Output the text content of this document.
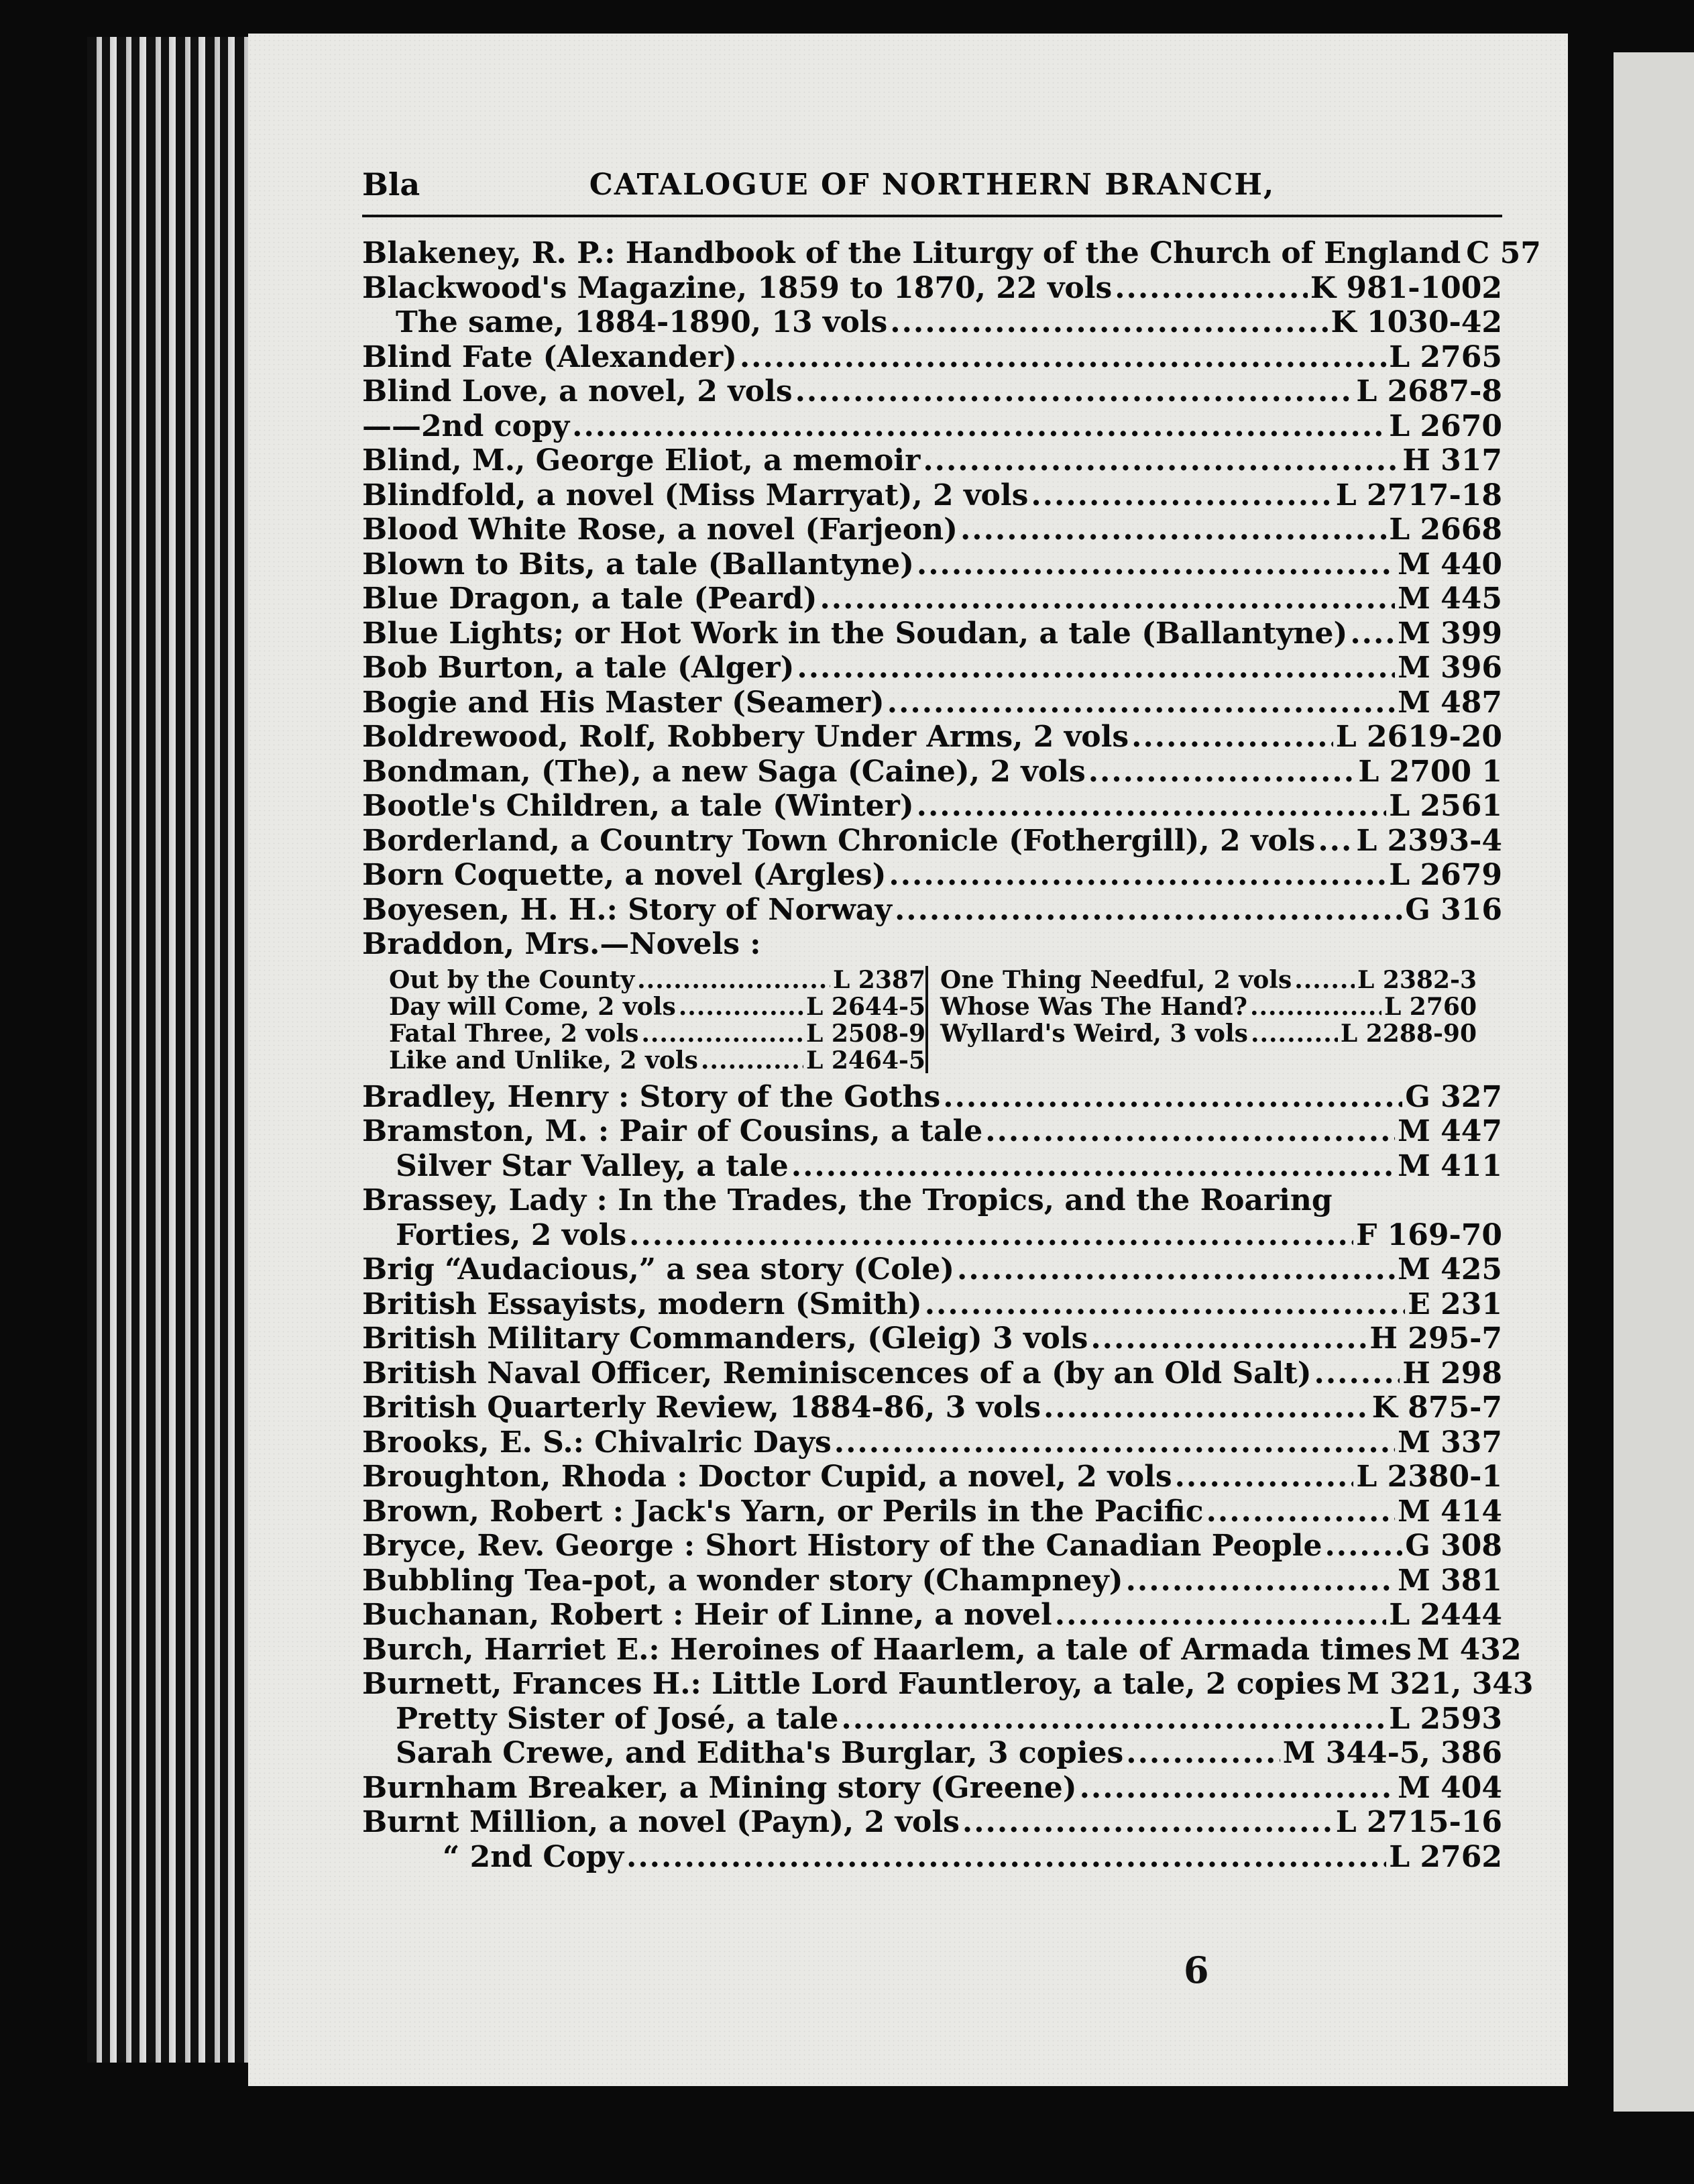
Bla	CATALOGUE OF NORTHERN BRANCH,
Blakeney, R. P.: Handbook of the Liturgy of the Church of England C 57
Blackwood's Magazine, 1859 to 1870, 22 vols .....	K 981-1002
The same, 1884-1890, 13 vols .....	K 1030-42
Blind Fate (Alexander) .....	L 2765
Blind Love, a novel, 2 vols .....	L 2687-8
——2nd copy .....	L 2670
Blind, M., George Eliot, a memoir .....	H 317
Blindfold, a novel (Miss Marryat), 2 vols .....	L 2717-18
Blood White Rose, a novel (Farjeon) .....	L 2668
Blown to Bits, a tale (Ballantyne) .....	M 440
Blue Dragon, a tale (Peard) .....	M 445
Blue Lights; or Hot Work in the Soudan, a tale (Ballantyne) ..... M 399
Bob Burton, a tale (Alger) .....	M 396
Bogie and His Master (Seamer) .....	M 487
Boldrewood, Rolf, Robbery Under Arms, 2 vols .....	L 2619-20
Bondman, (The), a new Saga (Caine), 2 vols .....	L 2700 1
Bootle's Children, a tale (Winter) .....	L 2561
Borderland, a Country Town Chronicle (Fothergill), 2 vols ..... L 2393-4
Born Coquette, a novel (Argles) .....	L 2679
Boyesen, H. H.: Story of Norway .....	G 316
Braddon, Mrs.—Novels :
Out by the County .....	L 2387
Day will Come, 2 vols .....	L 2644-5
Fatal Three, 2 vols .....	L 2508-9
Like and Unlike, 2 vols .....	L 2464-5
One Thing Needful, 2 vols .....	L 2382-3
Whose Was The Hand? .....	L 2760
Wyllard's Weird, 3 vols .....	L 2288-90
Bradley, Henry : Story of the Goths .....	G 327
Bramston, M. : Pair of Cousins, a tale .....	M 447
Silver Star Valley, a tale .....	M 411
Brassey, Lady : In the Trades, the Tropics, and the Roaring
Forties, 2 vols .....	F 169-70
Brig “Audacious,” a sea story (Cole) .....	M 425
British Essayists, modern (Smith) .....	E 231
British Military Commanders, (Gleig) 3 vols .....	H 295-7
British Naval Officer, Reminiscences of a (by an Old Salt) .....	H 298
British Quarterly Review, 1884-86, 3 vols .....	K 875-7
Brooks, E. S.: Chivalric Days .....	M 337
Broughton, Rhoda : Doctor Cupid, a novel, 2 vols .....	L 2380-1
Brown, Robert : Jack's Yarn, or Perils in the Pacific .....	M 414
Bryce, Rev. George : Short History of the Canadian People .....	G 308
Bubbling Tea-pot, a wonder story (Champney) .....	M 381
Buchanan, Robert : Heir of Linne, a novel .....	L 2444
Burch, Harriet E.: Heroines of Haarlem, a tale of Armada times M 432
Burnett, Frances H.: Little Lord Fauntleroy, a tale, 2 copies M 321, 343
Pretty Sister of José, a tale .....	L 2593
Sarah Crewe, and Editha's Burglar, 3 copies .....	M 344-5, 386
Burnham Breaker, a Mining story (Greene) .....	M 404
Burnt Million, a novel (Payn), 2 vols .....	L 2715-16
“ 2nd Copy .....	L 2762
6
